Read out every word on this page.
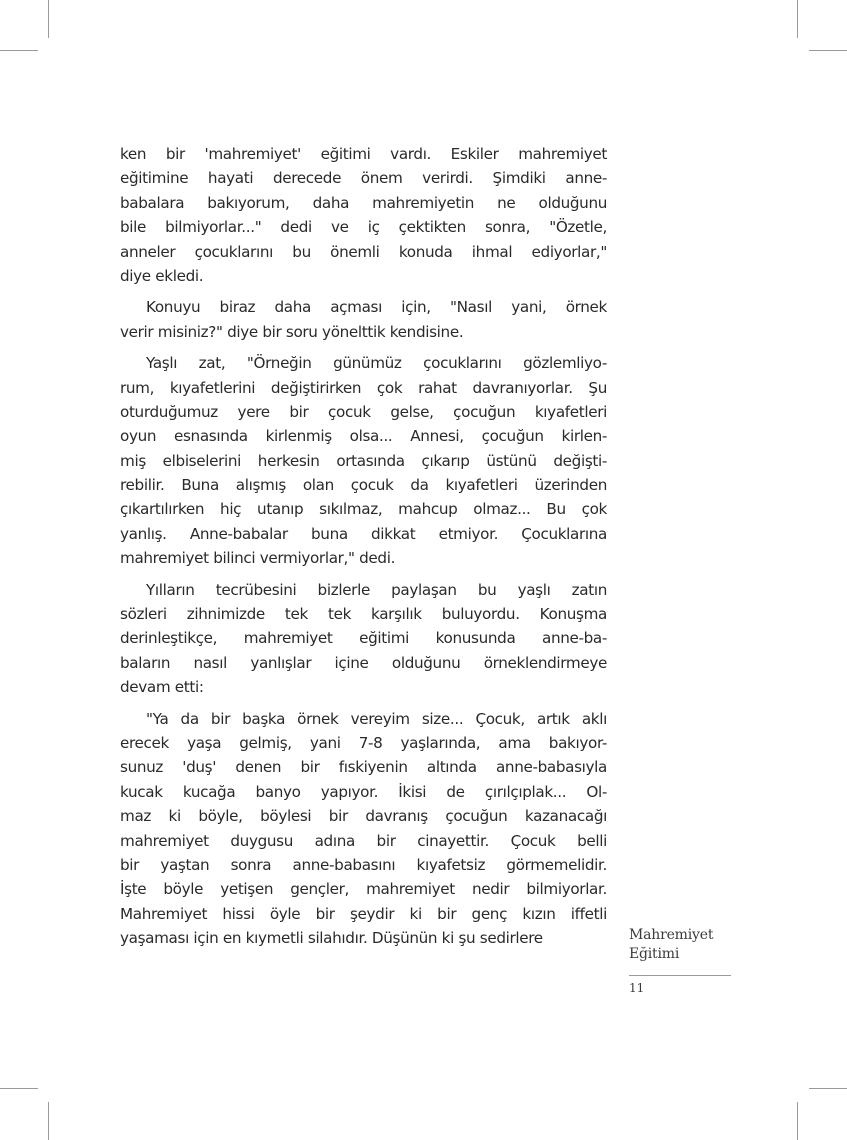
ken bir 'mahremiyet' eğitimi vardı. Eskiler mahremiyet
eğitimine hayati derecede önem verirdi. Şimdiki anne-
babalara bakıyorum, daha mahremiyetin ne olduğunu
bile bilmiyorlar..." dedi ve iç çektikten sonra, "Özetle,
anneler çocuklarını bu önemli konuda ihmal ediyorlar,"
diye ekledi.
Konuyu biraz daha açması için, "Nasıl yani, örnek
verir misiniz?" diye bir soru yönelttik kendisine.
Yaşlı zat, "Örneğin günümüz çocuklarını gözlemliyo-
rum, kıyafetlerini değiştirirken çok rahat davranıyorlar. Şu
oturduğumuz yere bir çocuk gelse, çocuğun kıyafetleri
oyun esnasında kirlenmiş olsa... Annesi, çocuğun kirlen-
miş elbiselerini herkesin ortasında çıkarıp üstünü değişti-
rebilir. Buna alışmış olan çocuk da kıyafetleri üzerinden
çıkartılırken hiç utanıp sıkılmaz, mahcup olmaz... Bu çok
yanlış. Anne-babalar buna dikkat etmiyor. Çocuklarına
mahremiyet bilinci vermiyorlar," dedi.
Yılların tecrübesini bizlerle paylaşan bu yaşlı zatın
sözleri zihnimizde tek tek karşılık buluyordu. Konuşma
derinleştikçe, mahremiyet eğitimi konusunda anne-ba-
baların nasıl yanlışlar içine olduğunu örneklendirmeye
devam etti:
"Ya da bir başka örnek vereyim size... Çocuk, artık aklı
erecek yaşa gelmiş, yani 7-8 yaşlarında, ama bakıyor-
sunuz 'duş' denen bir fıskiyenin altında anne-babasıyla
kucak kucağa banyo yapıyor. İkisi de çırılçıplak... Ol-
maz ki böyle, böylesi bir davranış çocuğun kazanacağı
mahremiyet duygusu adına bir cinayettir. Çocuk belli
bir yaştan sonra anne-babasını kıyafetsiz görmemelidir.
İşte böyle yetişen gençler, mahremiyet nedir bilmiyorlar.
Mahremiyet hissi öyle bir şeydir ki bir genç kızın iffetli
yaşaması için en kıymetli silahıdır. Düşünün ki şu sedirlere	Mahremiyet
Eğitimi
11
